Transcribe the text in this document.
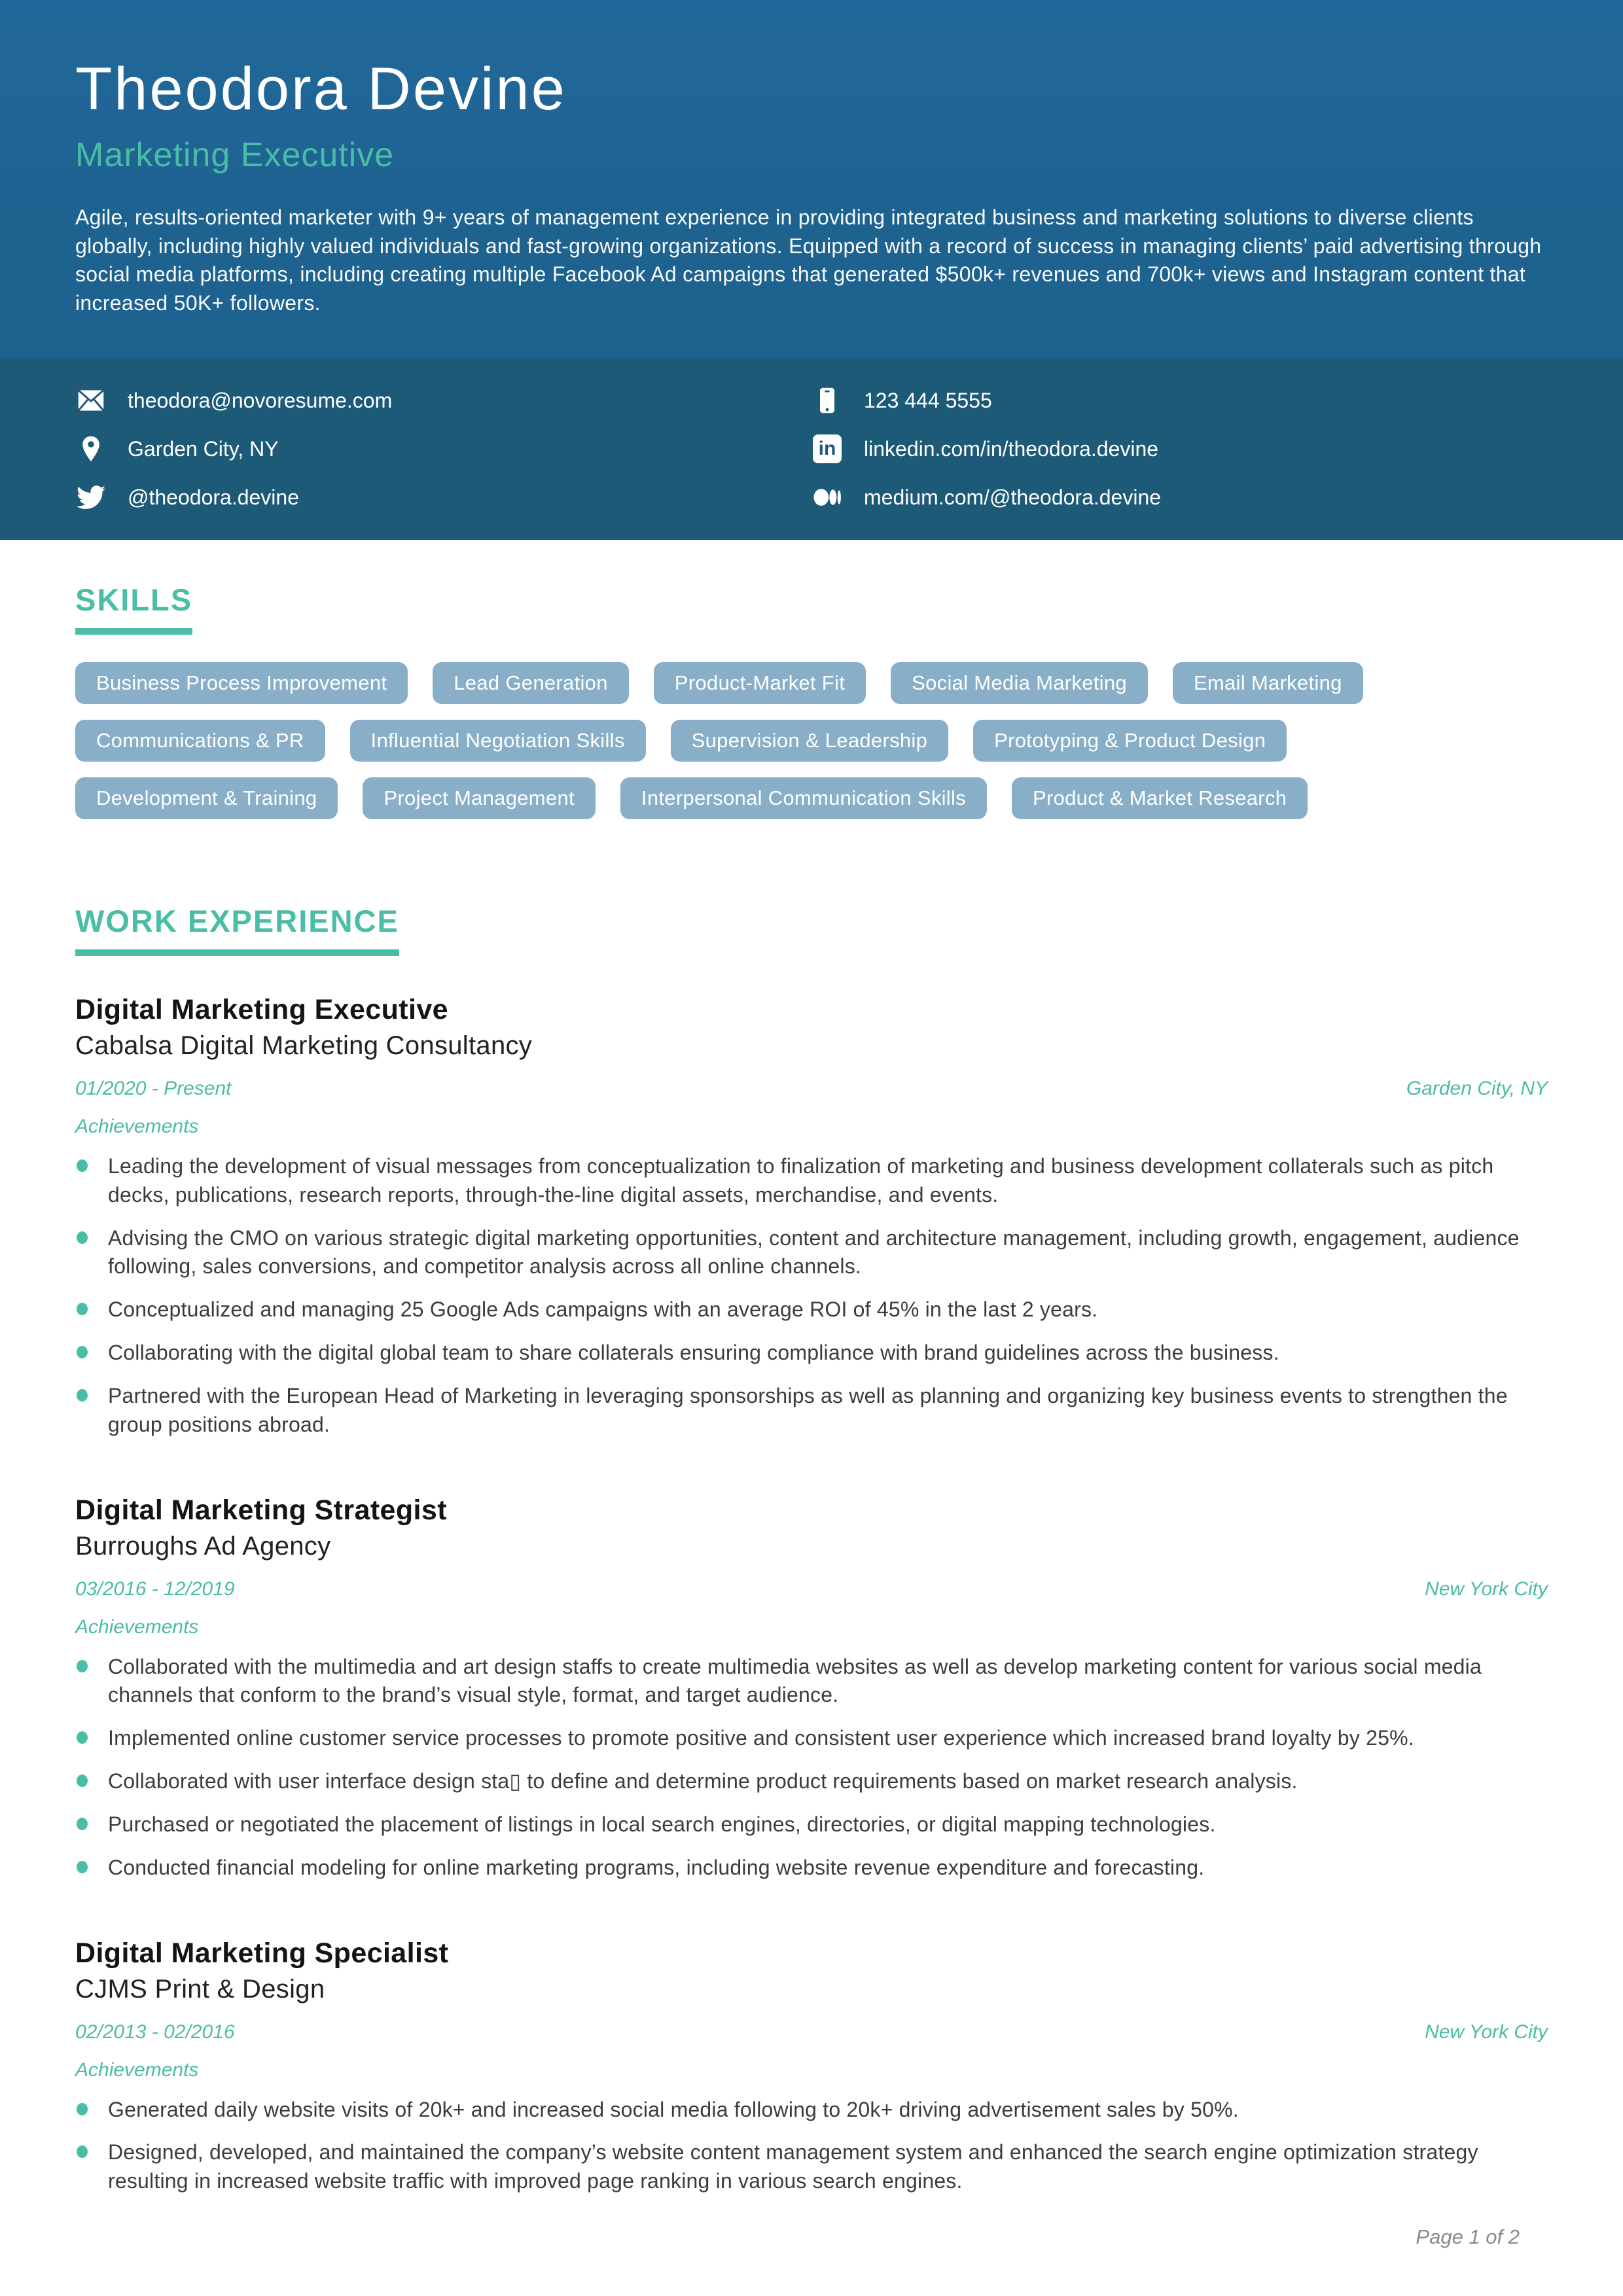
Theodora Devine
Marketing Executive
Agile, results-oriented marketer with 9+ years of management experience in providing integrated business and marketing solutions to diverse clients globally, including highly valued individuals and fast-growing organizations. Equipped with a record of success in managing clients’ paid advertising through social media platforms, including creating multiple Facebook Ad campaigns that generated $500k+ revenues and 700k+ views and Instagram content that increased 50K+ followers.
theodora@novoresume.com
Garden City, NY
@theodora.devine
123 444 5555
in linkedin.com/in/theodora.devine
medium.com/@theodora.devine
SKILLS
Business Process Improvement	Lead Generation	Product-Market Fit	Social Media Marketing	Email Marketing
Communications & PR	Influential Negotiation Skills	Supervision & Leadership	Prototyping & Product Design
Development & Training	Project Management	Interpersonal Communication Skills	Product & Market Research
WORK EXPERIENCE
Digital Marketing Executive
Cabalsa Digital Marketing Consultancy
01/2020 - Present	Garden City, NY
Achievements
Leading the development of visual messages from conceptualization to finalization of marketing and business development collaterals such as pitch decks, publications, research reports, through-the-line digital assets, merchandise, and events.
Advising the CMO on various strategic digital marketing opportunities, content and architecture management, including growth, engagement, audience following, sales conversions, and competitor analysis across all online channels.
Conceptualized and managing 25 Google Ads campaigns with an average ROI of 45% in the last 2 years.
Collaborating with the digital global team to share collaterals ensuring compliance with brand guidelines across the business.
Partnered with the European Head of Marketing in leveraging sponsorships as well as planning and organizing key business events to strengthen the group positions abroad.
Digital Marketing Strategist
Burroughs Ad Agency
03/2016 - 12/2019	New York City
Achievements
Collaborated with the multimedia and art design staffs to create multimedia websites as well as develop marketing content for various social media channels that conform to the brand’s visual style, format, and target audience.
Implemented online customer service processes to promote positive and consistent user experience which increased brand loyalty by 25%.
Collaborated with user interface design sta▯ to define and determine product requirements based on market research analysis.
Purchased or negotiated the placement of listings in local search engines, directories, or digital mapping technologies.
Conducted financial modeling for online marketing programs, including website revenue expenditure and forecasting.
Digital Marketing Specialist
CJMS Print & Design
02/2013 - 02/2016	New York City
Achievements
Generated daily website visits of 20k+ and increased social media following to 20k+ driving advertisement sales by 50%.
Designed, developed, and maintained the company’s website content management system and enhanced the search engine optimization strategy resulting in increased website traffic with improved page ranking in various search engines.
Page 1 of 2
